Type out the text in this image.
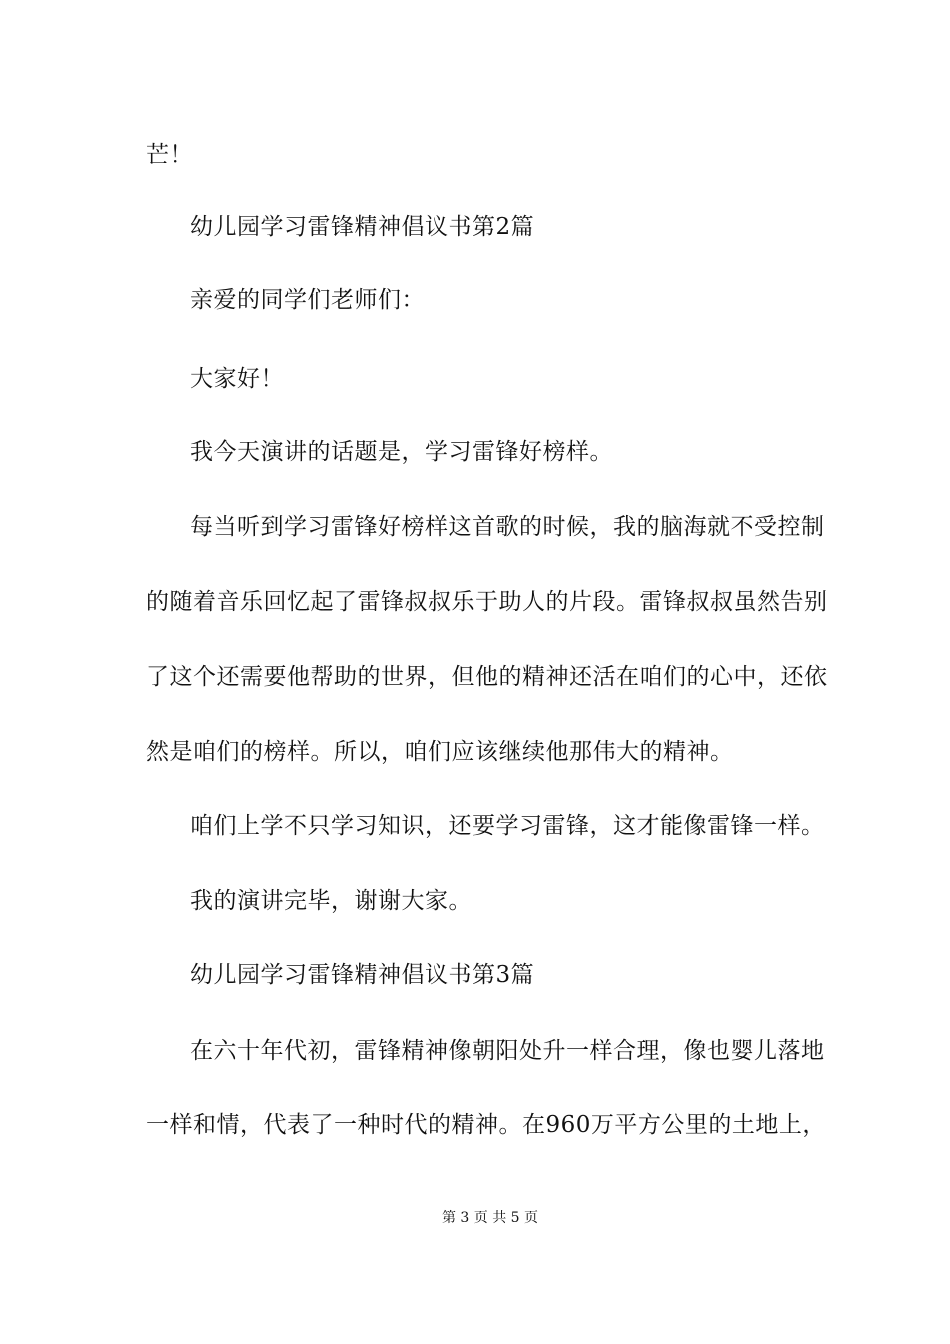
芒！
幼儿园学习雷锋精神倡议书第2篇
亲爱的同学们老师们：
大家好！
我今天演讲的话题是，学习雷锋好榜样。
每当听到学习雷锋好榜样这首歌的时候，我的脑海就不受控制
的随着音乐回忆起了雷锋叔叔乐于助人的片段。雷锋叔叔虽然告别
了这个还需要他帮助的世界，但他的精神还活在咱们的心中，还依
然是咱们的榜样。所以，咱们应该继续他那伟大的精神。
咱们上学不只学习知识，还要学习雷锋，这才能像雷锋一样。
我的演讲完毕，谢谢大家。
幼儿园学习雷锋精神倡议书第3篇
在六十年代初，雷锋精神像朝阳处升一样合理，像也婴儿落地
一样和情，代表了一种时代的精神。在960万平方公里的土地上，
第 3 页 共 5 页
